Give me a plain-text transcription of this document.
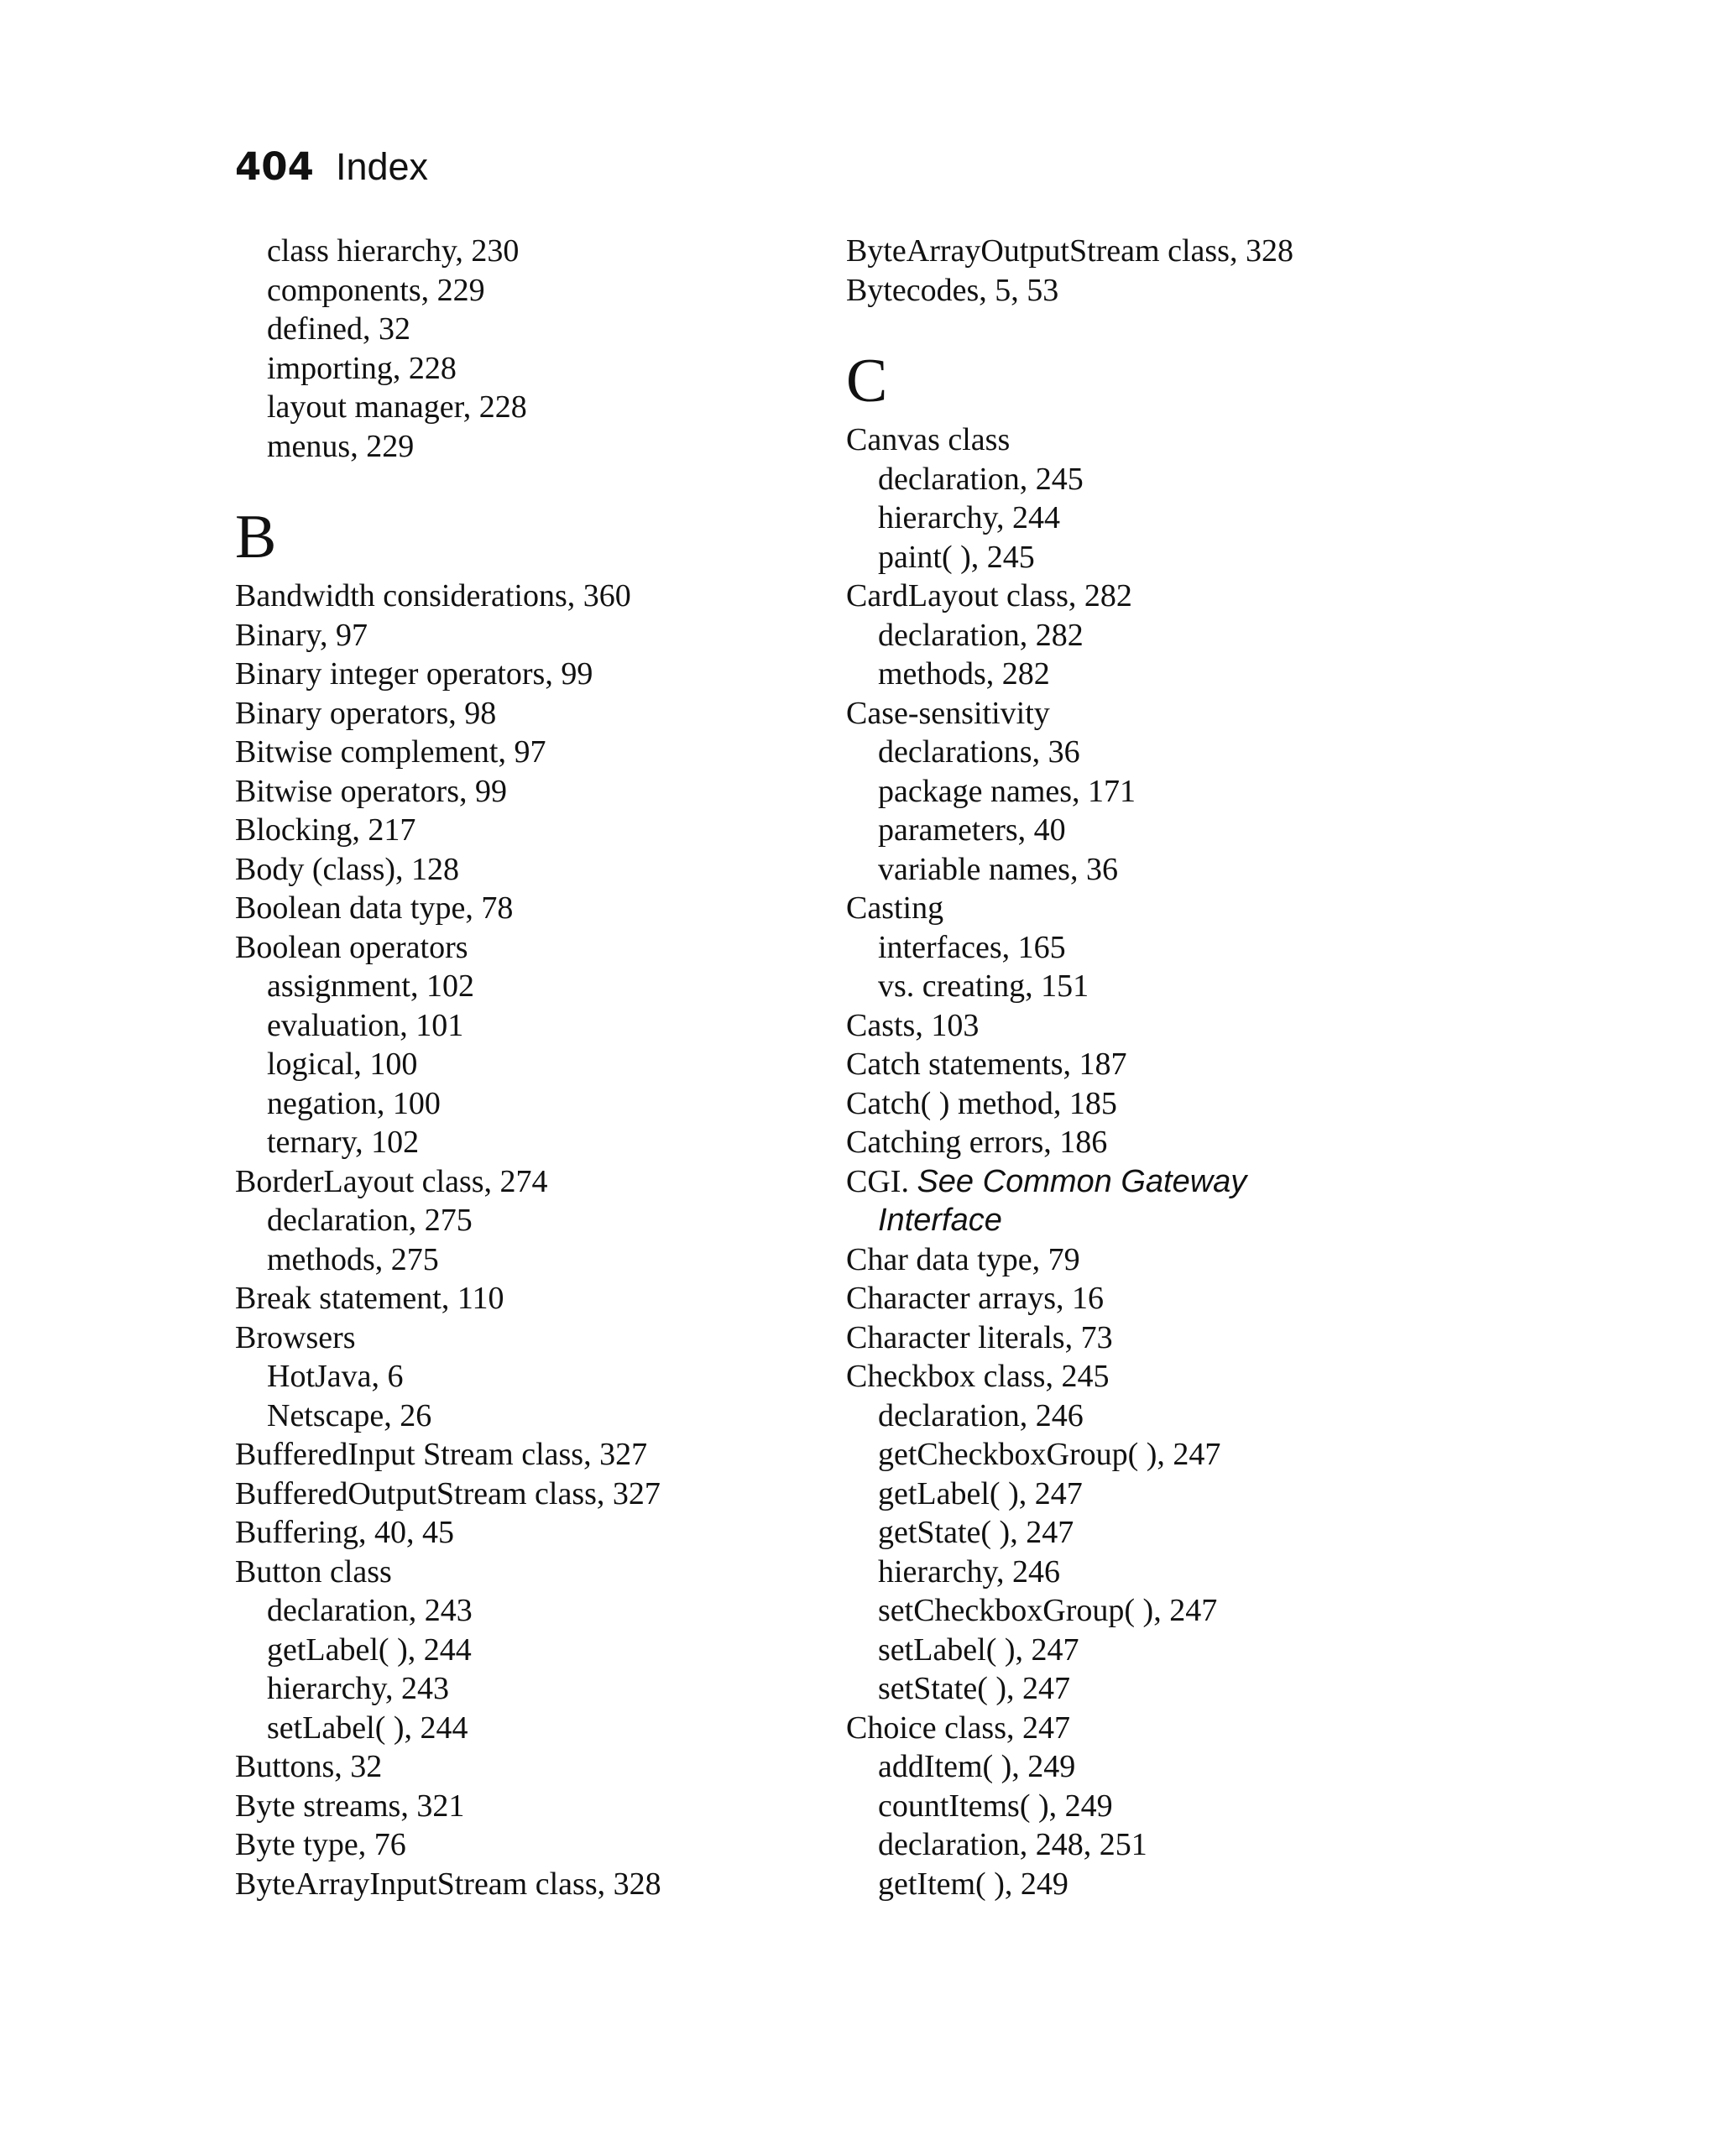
404 Index
class hierarchy, 230
components, 229
defined, 32
importing, 228
layout manager, 228
menus, 229
B
Bandwidth considerations, 360
Binary, 97
Binary integer operators, 99
Binary operators, 98
Bitwise complement, 97
Bitwise operators, 99
Blocking, 217
Body (class), 128
Boolean data type, 78
Boolean operators
assignment, 102
evaluation, 101
logical, 100
negation, 100
ternary, 102
BorderLayout class, 274
declaration, 275
methods, 275
Break statement, 110
Browsers
HotJava, 6
Netscape, 26
BufferedInput Stream class, 327
BufferedOutputStream class, 327
Buffering, 40, 45
Button class
declaration, 243
getLabel( ), 244
hierarchy, 243
setLabel( ), 244
Buttons, 32
Byte streams, 321
Byte type, 76
ByteArrayInputStream class, 328
ByteArrayOutputStream class, 328
Bytecodes, 5, 53
C
Canvas class
declaration, 245
hierarchy, 244
paint( ), 245
CardLayout class, 282
declaration, 282
methods, 282
Case-sensitivity
declarations, 36
package names, 171
parameters, 40
variable names, 36
Casting
interfaces, 165
vs. creating, 151
Casts, 103
Catch statements, 187
Catch( ) method, 185
Catching errors, 186
CGI. See Common Gateway
Interface
Char data type, 79
Character arrays, 16
Character literals, 73
Checkbox class, 245
declaration, 246
getCheckboxGroup( ), 247
getLabel( ), 247
getState( ), 247
hierarchy, 246
setCheckboxGroup( ), 247
setLabel( ), 247
setState( ), 247
Choice class, 247
addItem( ), 249
countItems( ), 249
declaration, 248, 251
getItem( ), 249
